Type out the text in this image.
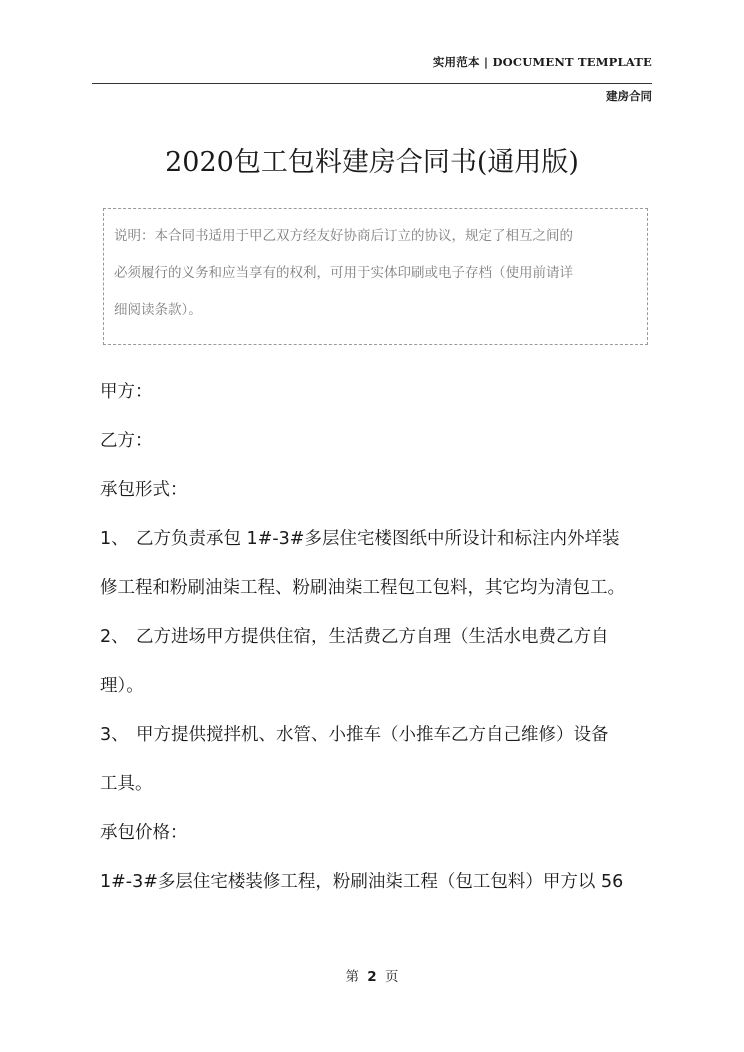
实用范本 | DOCUMENT TEMPLATE
建房合同
2020包工包料建房合同书(通用版)
说明：本合同书适用于甲乙双方经友好协商后订立的协议，规定了相互之间的
必须履行的义务和应当享有的权利，可用于实体印刷或电子存档（使用前请详
细阅读条款）。

甲方：

乙方：

承包形式：

1、 乙方负责承包 1#-3#多层住宅楼图纸中所设计和标注内外垟装
修工程和粉刷油柒工程、粉刷油柒工程包工包料，其它均为清包工。
2、 乙方进场甲方提供住宿，生活费乙方自理（生活水电费乙方自
理）。
3、 甲方提供搅拌机、水管、小推车（小推车乙方自己维修）设备
工具。

承包价格：

1#-3#多层住宅楼装修工程，粉刷油柒工程（包工包料）甲方以 56

第 2 页
